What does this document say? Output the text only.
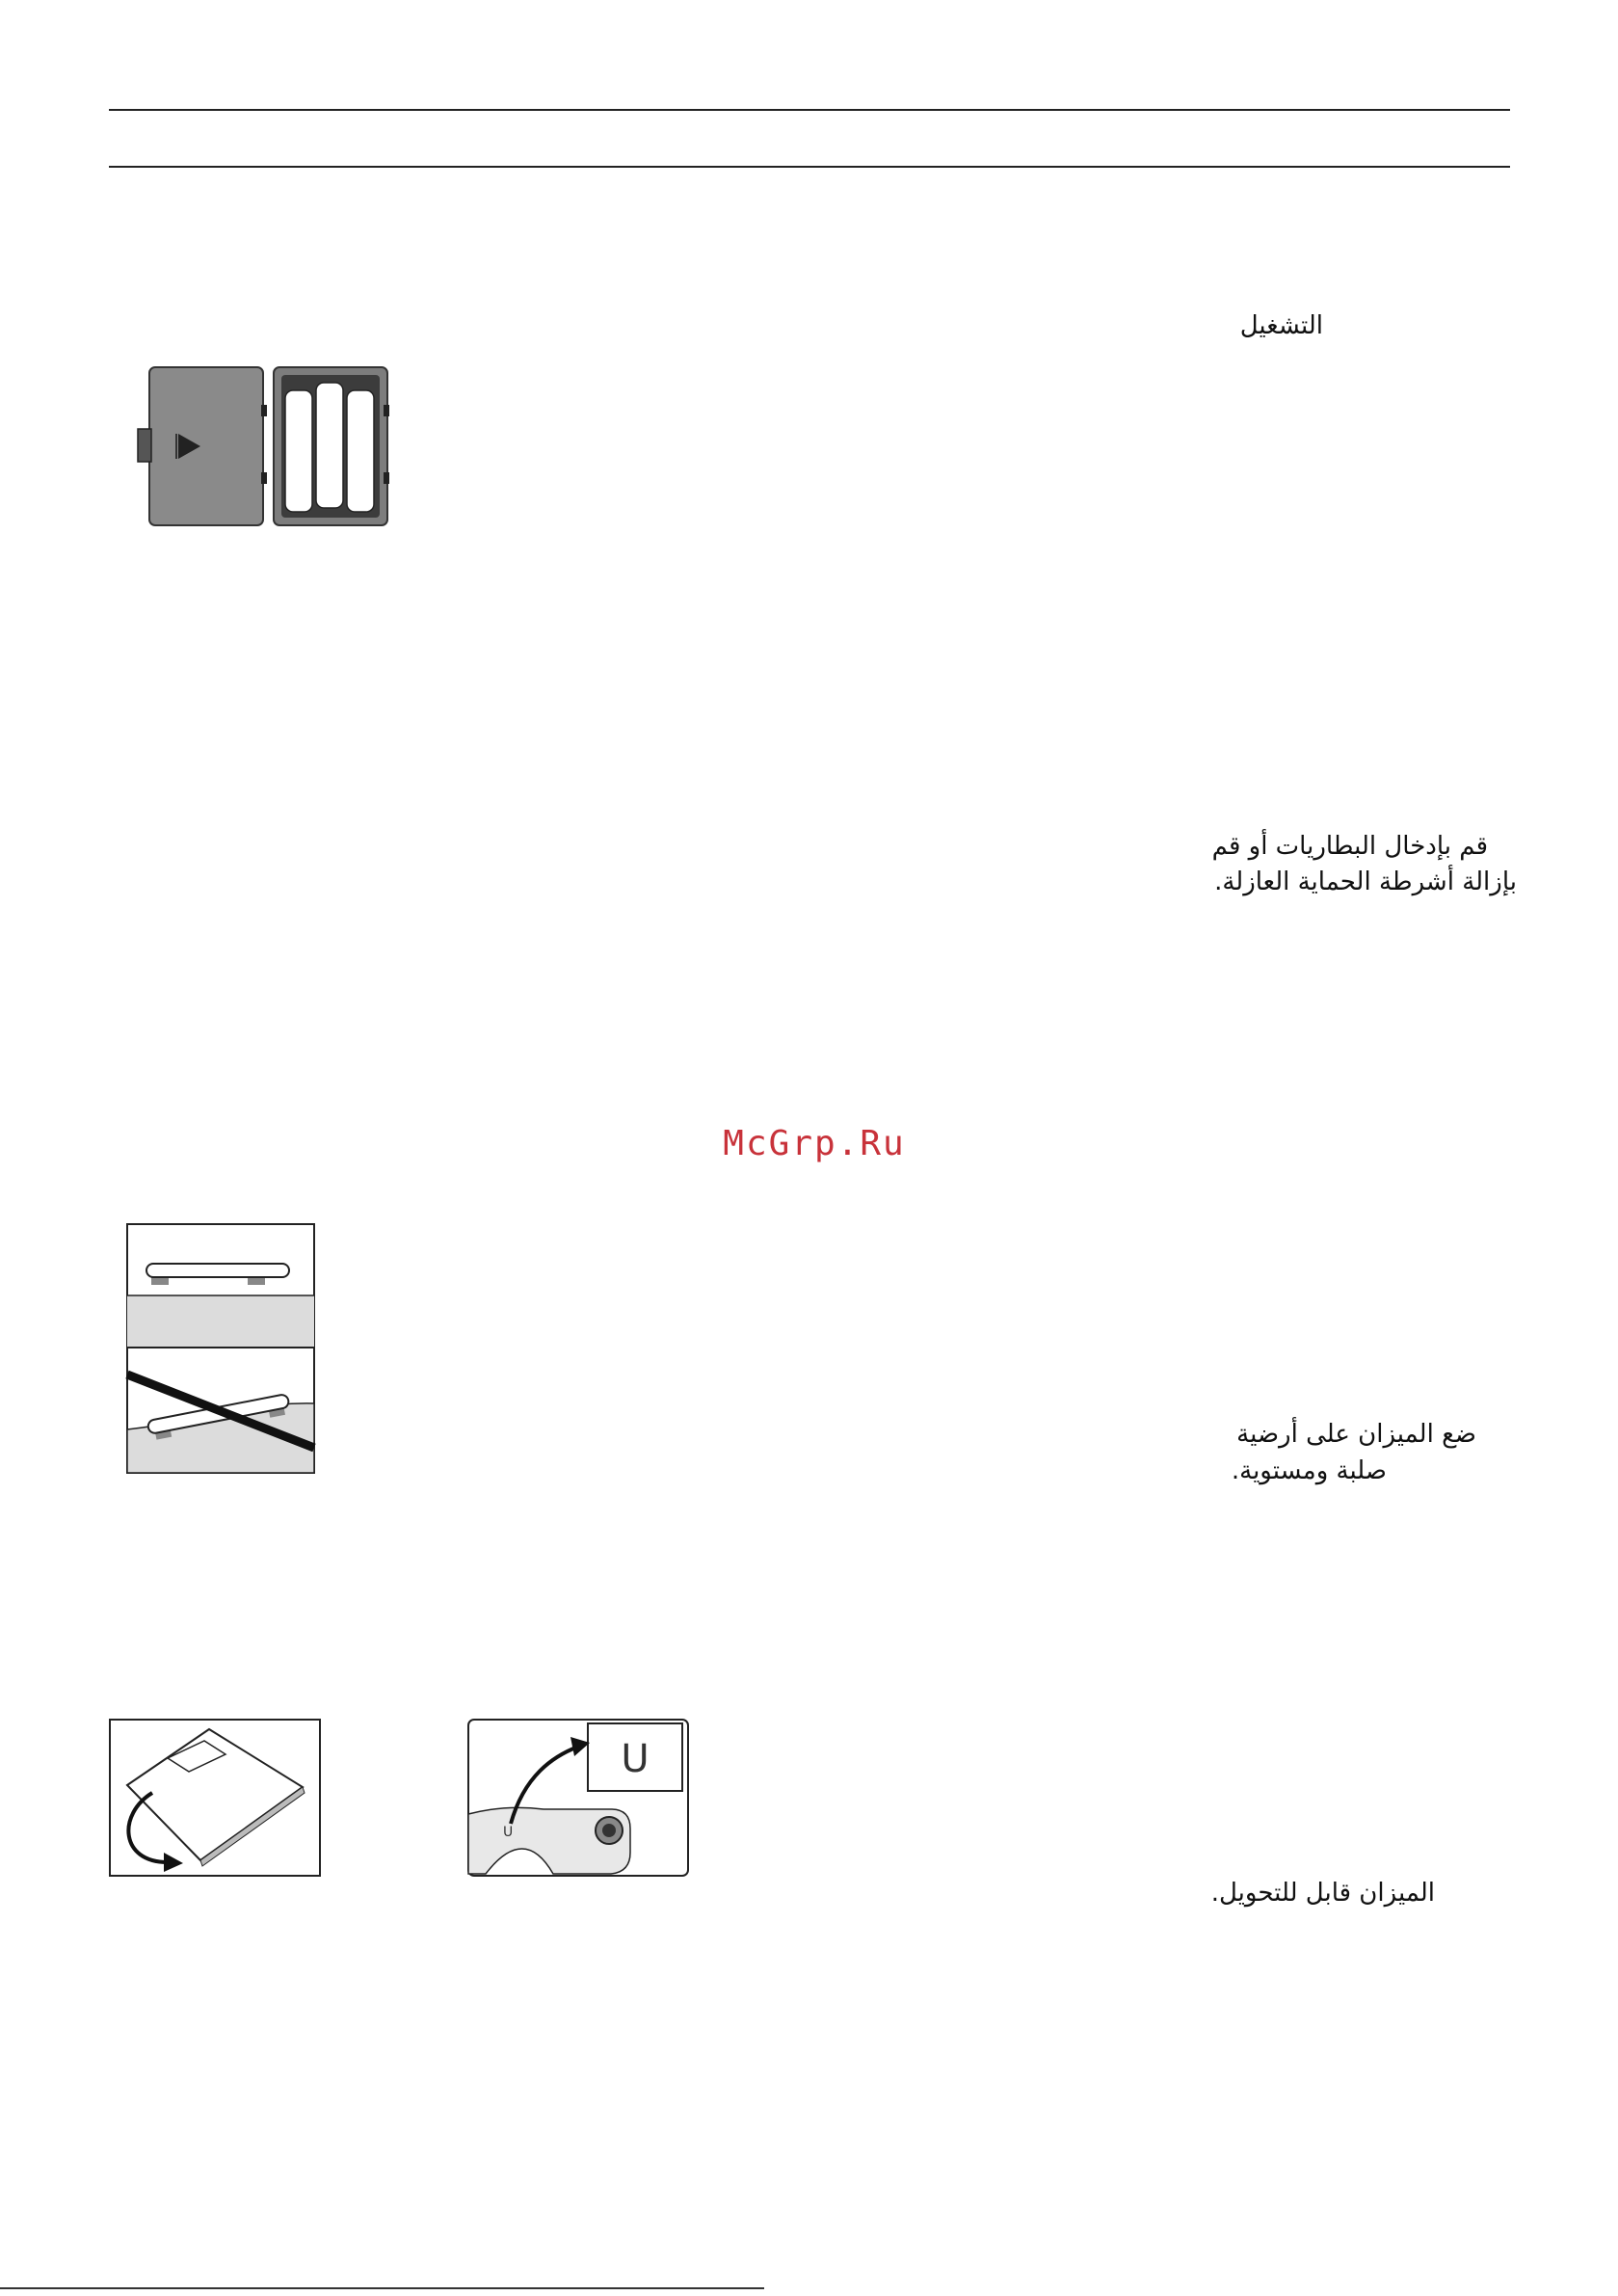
التشغيل
قم بإدخال البطاريات أو قم
بإزالة أشرطة الحماية العازلة.
McGrp.Ru
ضع الميزان على أرضية
صلبة ومستوية.
U
U
الميزان قابل للتحويل.
